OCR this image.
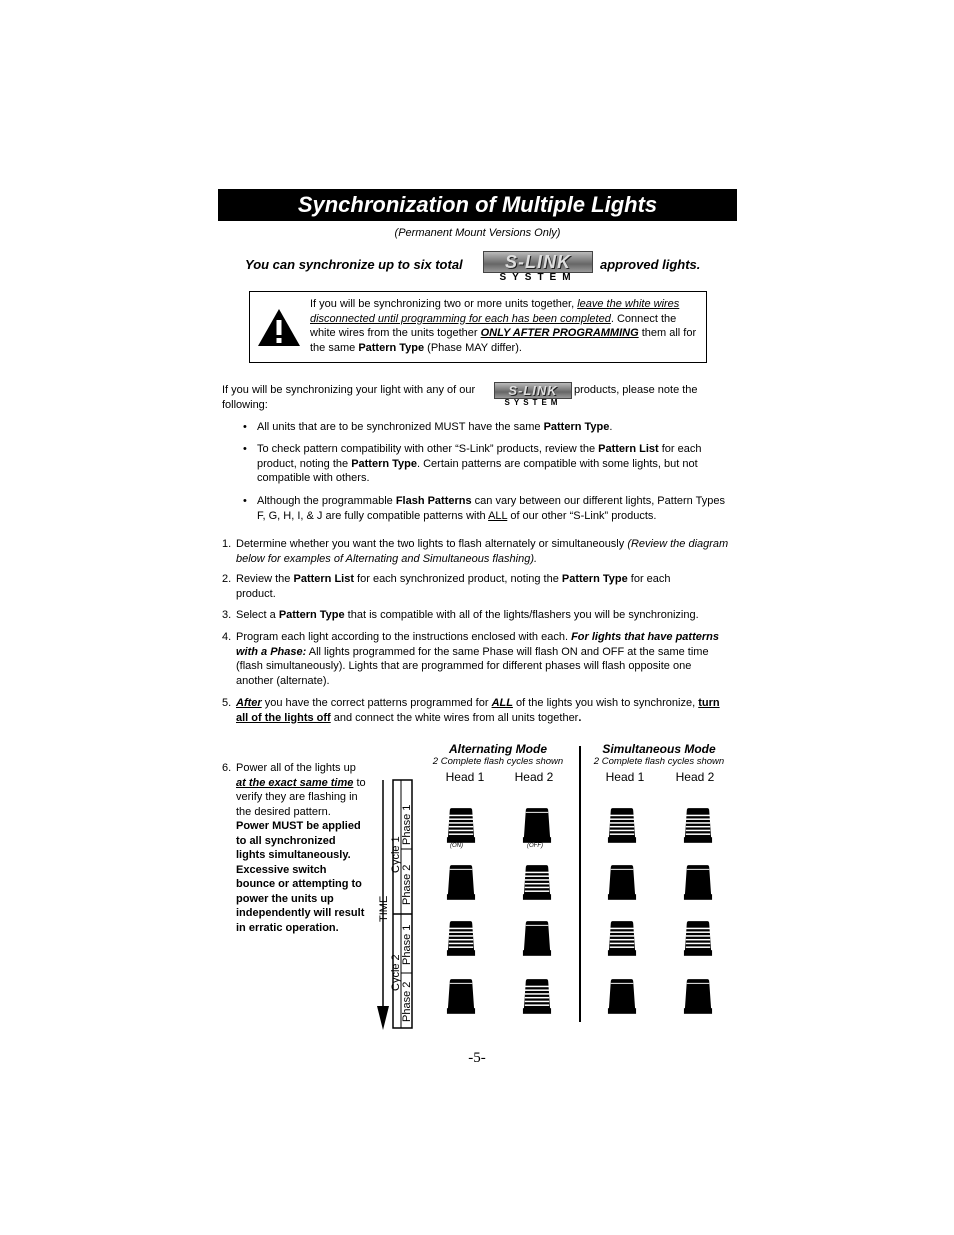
Synchronization of Multiple Lights
(Permanent Mount Versions Only)
You can synchronize up to six total	S-LINK
SYSTEM
approved lights.
If you will be synchronizing two or more units together, leave the white wires disconnected until programming for each has been completed. Connect the white wires from the units together ONLY AFTER PROGRAMMING them all for the same Pattern Type (Phase MAY differ).
If you will be synchronizing your light with any of our	S-LINK
SYSTEM
products, please note the
following:
• All units that are to be synchronized MUST have the same Pattern Type.
• To check pattern compatibility with other “S-Link” products, review the Pattern List for each product, noting the Pattern Type. Certain patterns are compatible with some lights, but not compatible with others.
• Although the programmable Flash Patterns can vary between our different lights, Pattern Types F, G, H, I, & J are fully compatible patterns with ALL of our other “S-Link” products.
1. Determine whether you want the two lights to flash alternately or simultaneously (Review the diagram below for examples of Alternating and Simultaneous flashing).
2. Review the Pattern List for each synchronized product, noting the Pattern Type for each product.
3. Select a Pattern Type that is compatible with all of the lights/flashers you will be synchronizing.
4. Program each light according to the instructions enclosed with each. For lights that have patterns with a Phase: All lights programmed for the same Phase will flash ON and OFF at the same time (flash simultaneously). Lights that are programmed for different phases will flash opposite one another (alternate).
5. After you have the correct patterns programmed for ALL of the lights you wish to synchronize, turn all of the lights off and connect the white wires from all units together.
6. Power all of the lights up at the exact same time to verify they are flashing in the desired pattern. Power MUST be applied to all synchronized lights simultaneously. Excessive switch bounce or attempting to power the units up independently will result in erratic operation.
Alternating Mode
2 Complete flash cycles shown
Simultaneous Mode
2 Complete flash cycles shown
Head 1	Head 2	Head 1	Head 2
TIME
Cycle 1
Cycle 2
Phase 1
Phase 2
Phase 1
Phase 2
(ON)	(OFF)
-5-
